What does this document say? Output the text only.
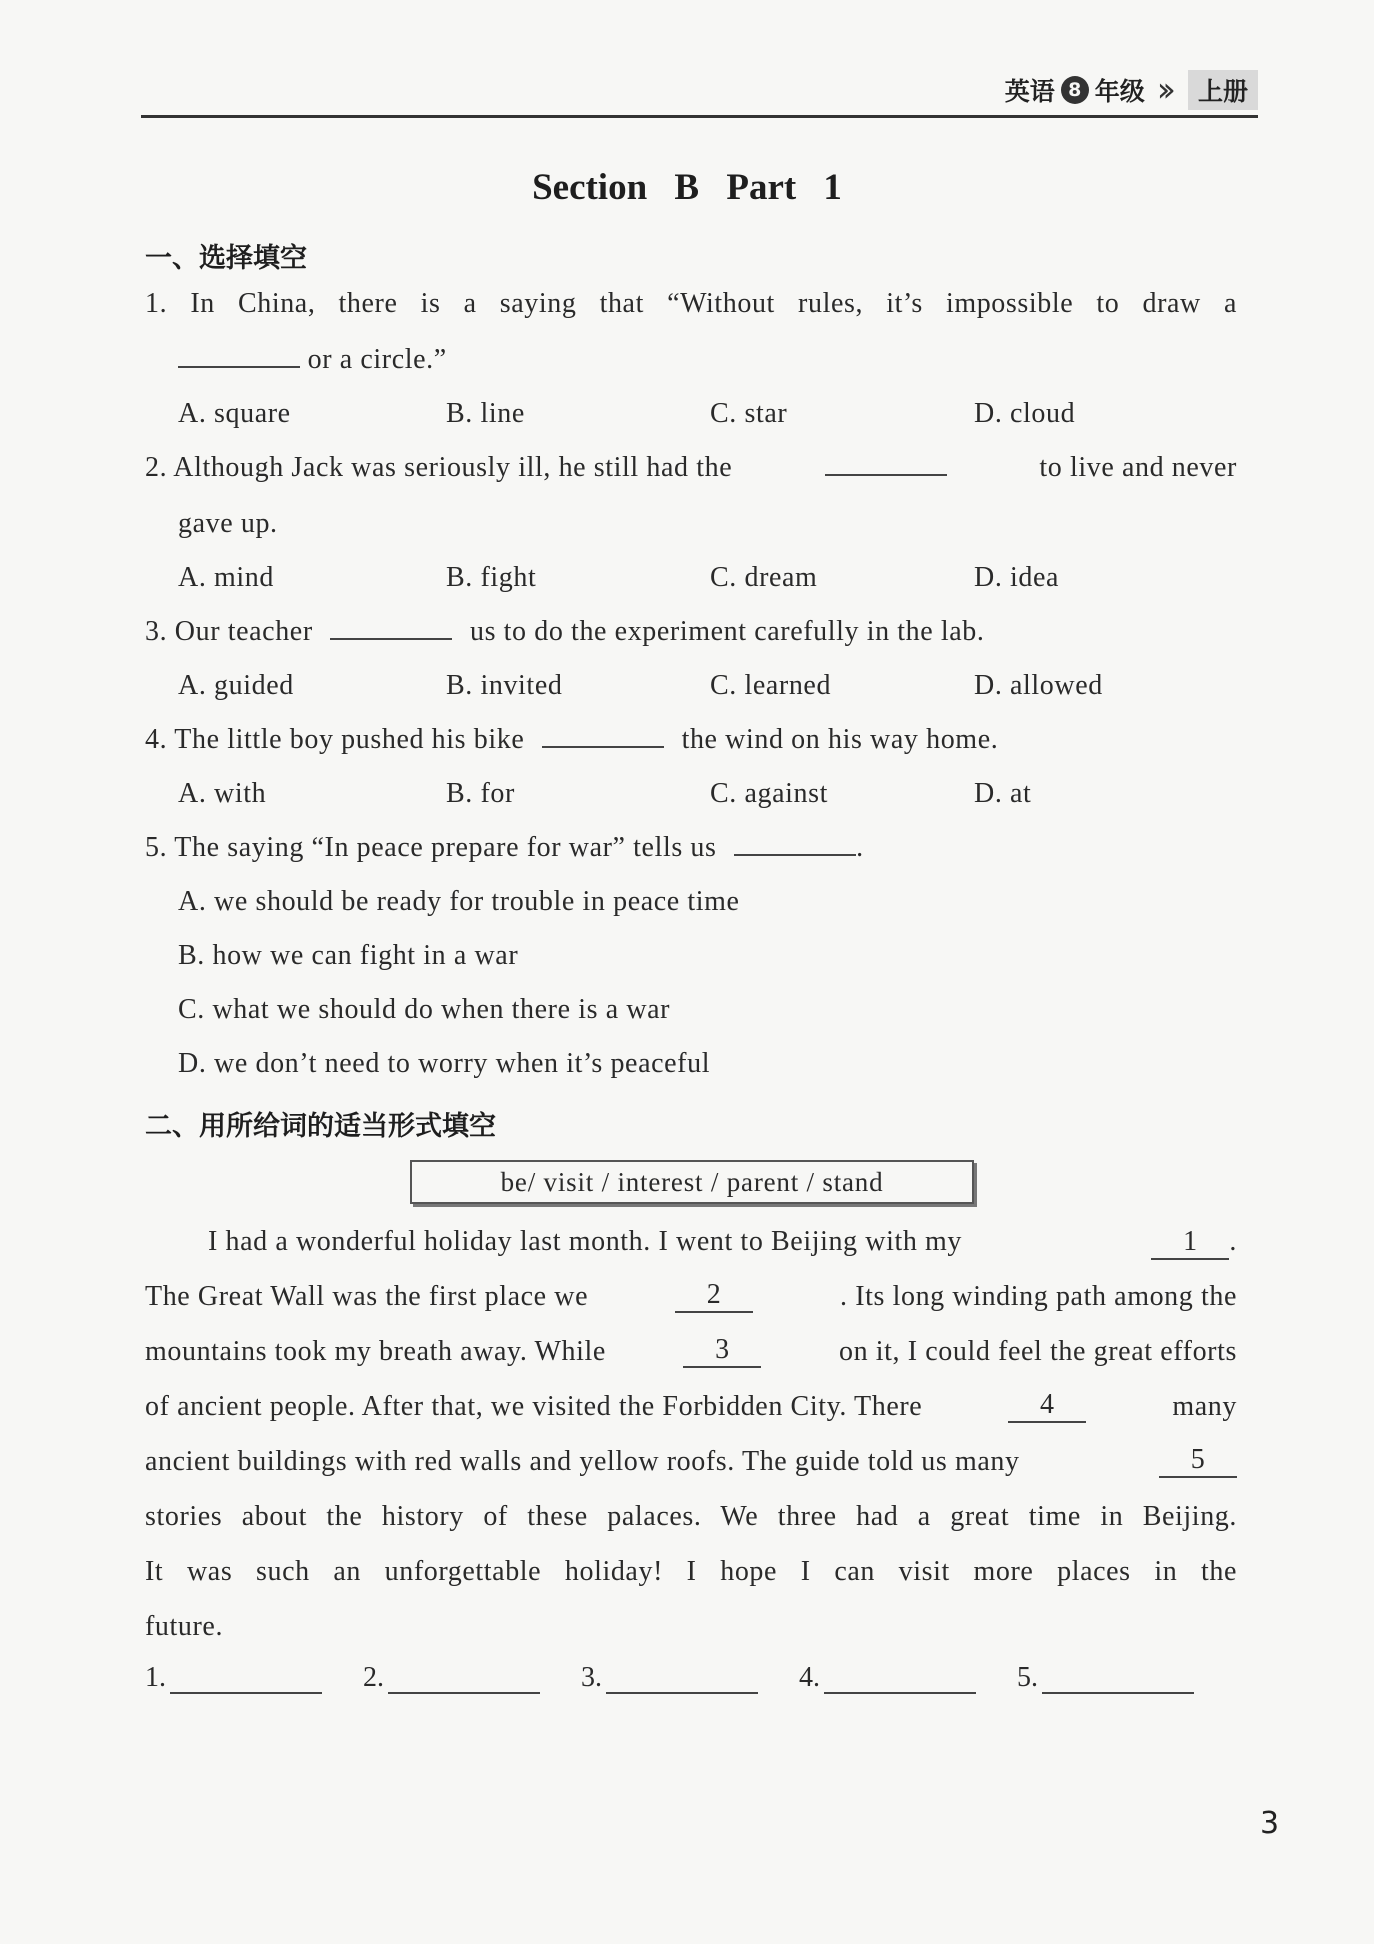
英语 8 年级 ››	上册
Section B Part 1
一、选择填空
1. In China, there is a saying that “Without rules, it’s impossible to draw a
or a circle.”
A. square	B. line	C. star	D. cloud
2. Although Jack was seriously ill, he still had the	to live and never
gave up.
A. mind	B. fight	C. dream	D. idea
3. Our teacher	us to do the experiment carefully in the lab.
A. guided	B. invited	C. learned	D. allowed
4. The little boy pushed his bike	the wind on his way home.
A. with	B. for	C. against	D. at
5. The saying “In peace prepare for war” tells us	.
A. we should be ready for trouble in peace time
B. how we can fight in a war
C. what we should do when there is a war
D. we don’t need to worry when it’s peaceful
二、用所给词的适当形式填空
be/ visit / interest / parent / stand
I had a wonderful holiday last month. I went to Beijing with my	1 .
The Great Wall was the first place we	2	. Its long winding path among the
mountains took my breath away. While	3	on it, I could feel the great efforts
of ancient people. After that, we visited the Forbidden City. There	4	many
ancient buildings with red walls and yellow roofs. The guide told us many	5
stories about the history of these palaces. We three had a great time in Beijing.
It was such an unforgettable holiday! I hope I can visit more places in the
future.
1.	2.	3.	4.	5.
3
